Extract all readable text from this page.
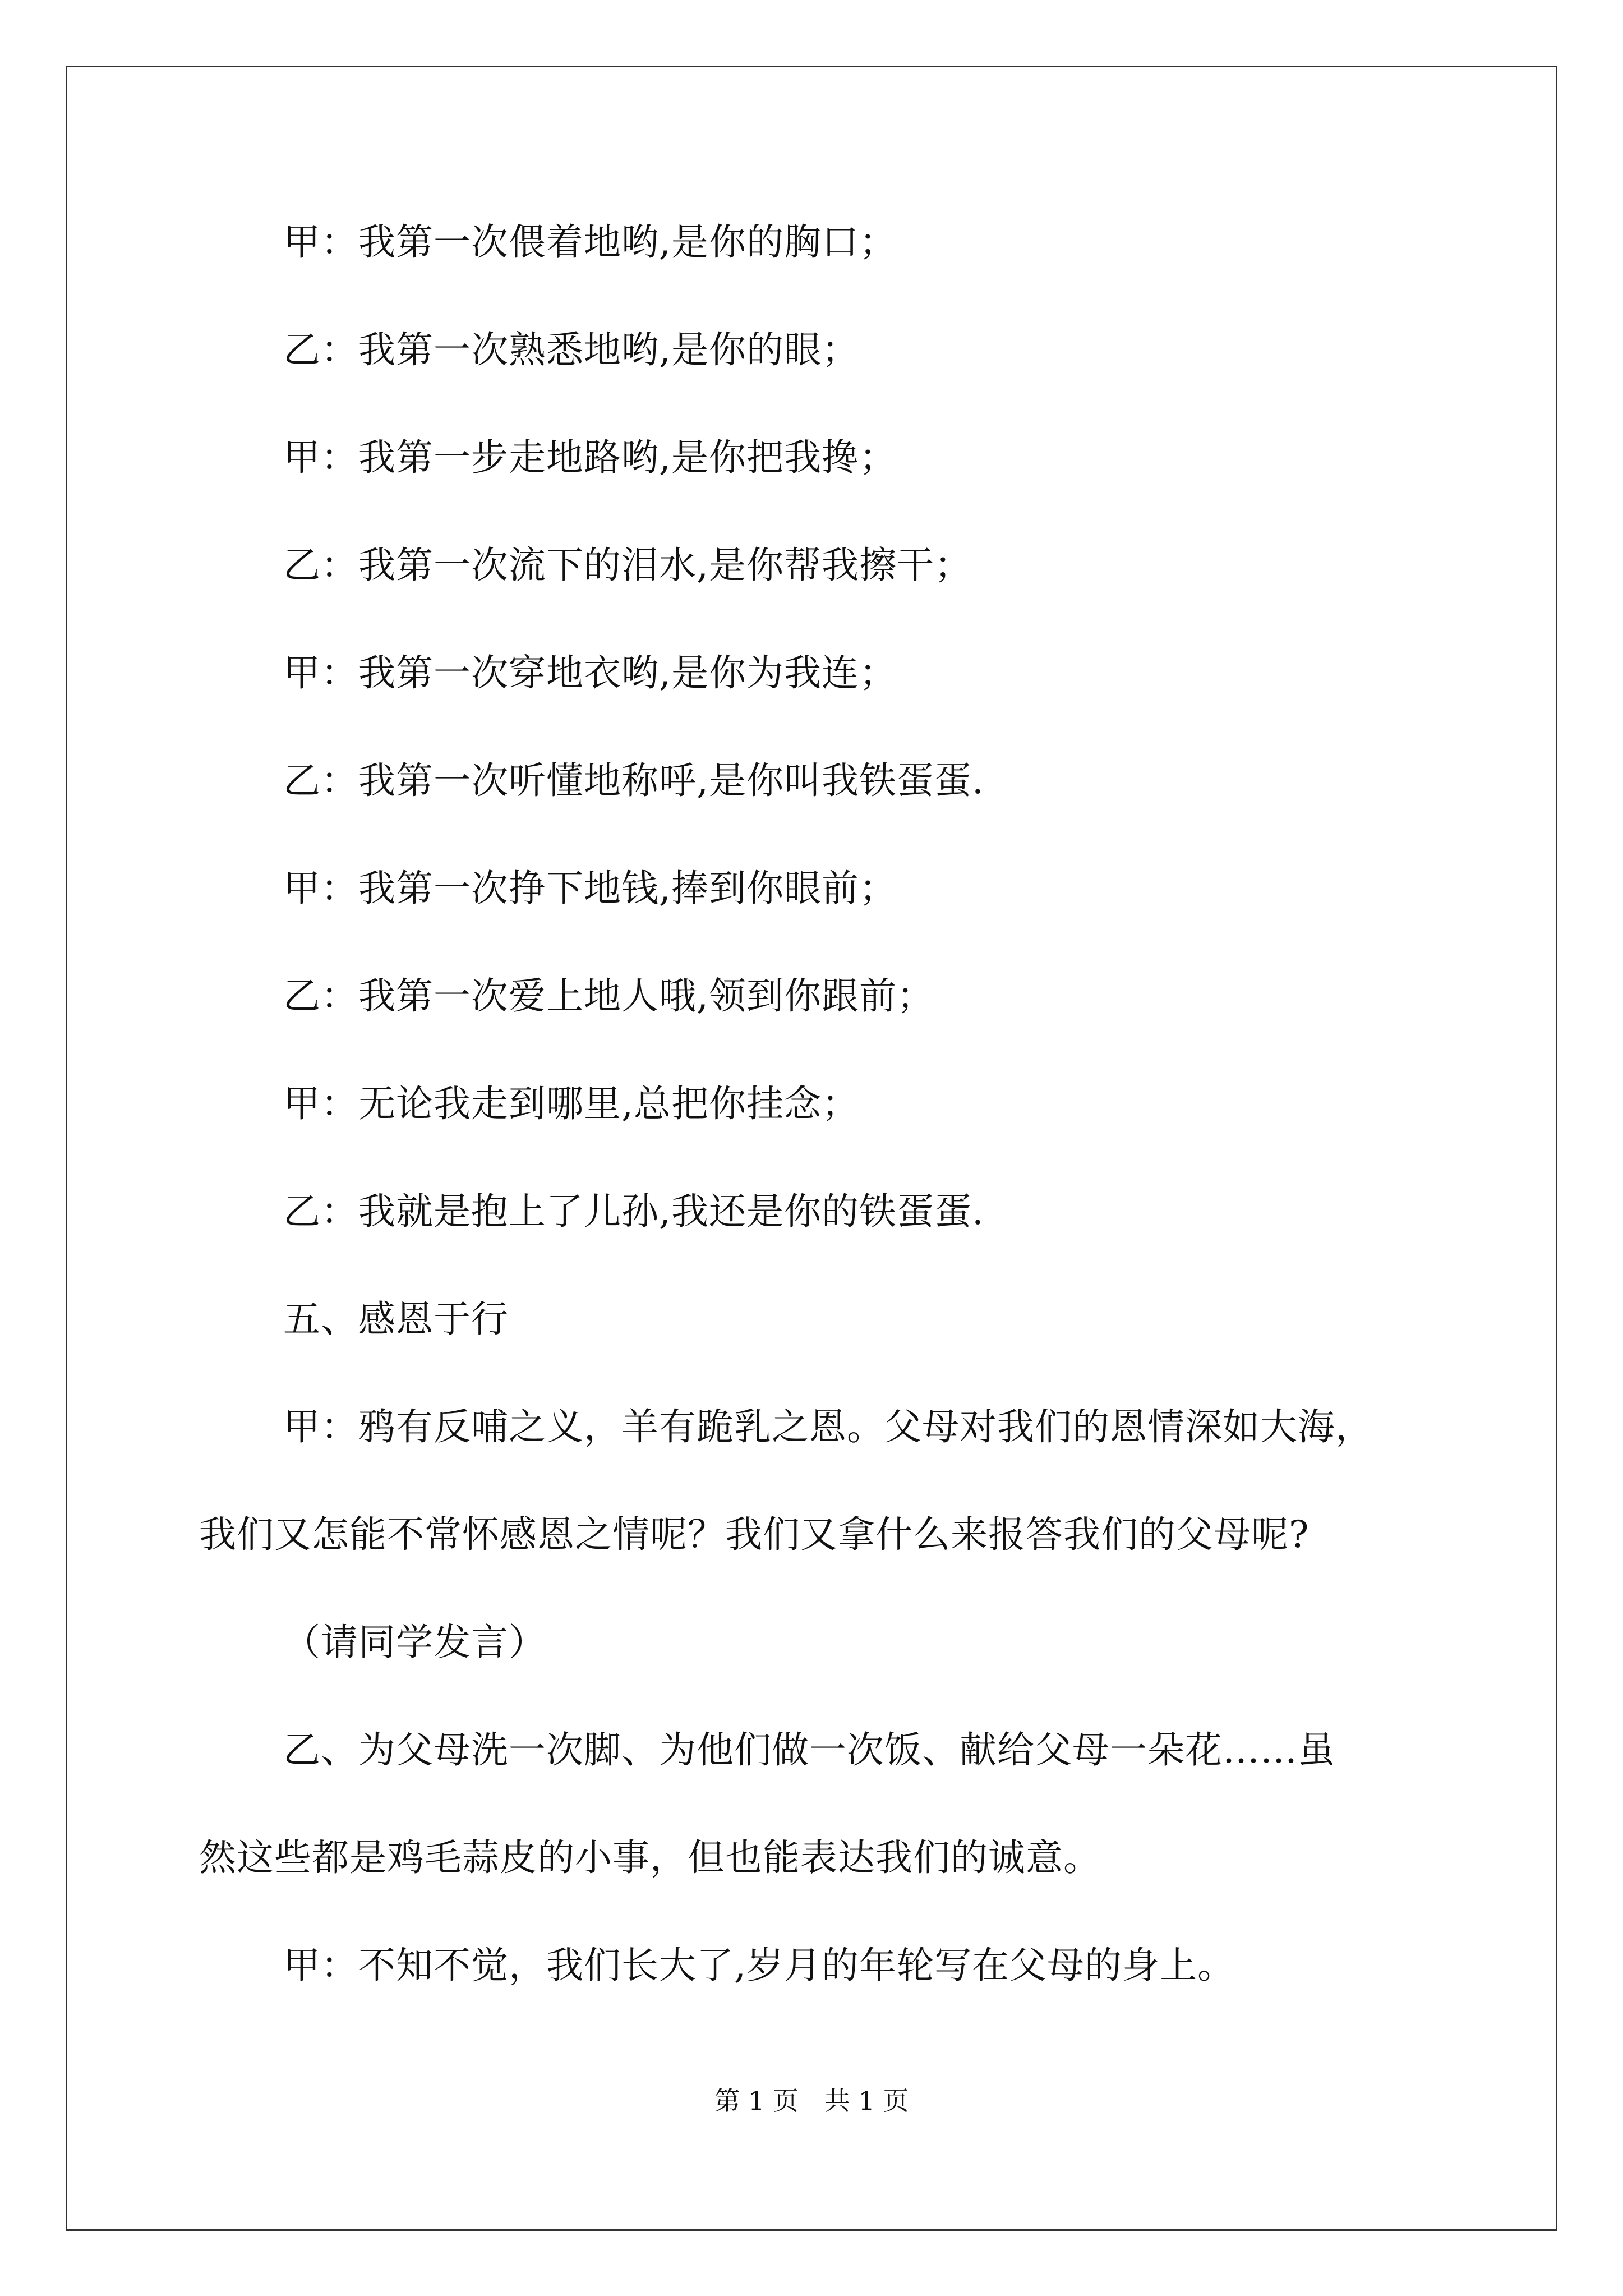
甲：我第一次偎着地哟,是你的胸口；
乙：我第一次熟悉地哟,是你的眼；
甲：我第一步走地路哟,是你把我搀；
乙：我第一次流下的泪水,是你帮我擦干；
甲：我第一次穿地衣哟,是你为我连；
乙：我第一次听懂地称呼,是你叫我铁蛋蛋.
甲：我第一次挣下地钱,捧到你眼前；
乙：我第一次爱上地人哦,领到你跟前；
甲：无论我走到哪里,总把你挂念；
乙：我就是抱上了儿孙,我还是你的铁蛋蛋.
五、感恩于行
甲：鸦有反哺之义，羊有跪乳之恩。父母对我们的恩情深如大海，
我们又怎能不常怀感恩之情呢？我们又拿什么来报答我们的父母呢?
（请同学发言）
乙、为父母洗一次脚、为他们做一次饭、献给父母一朵花……虽
然这些都是鸡毛蒜皮的小事，但也能表达我们的诚意。
甲：不知不觉，我们长大了,岁月的年轮写在父母的身上。
第 1 页　共 1 页
